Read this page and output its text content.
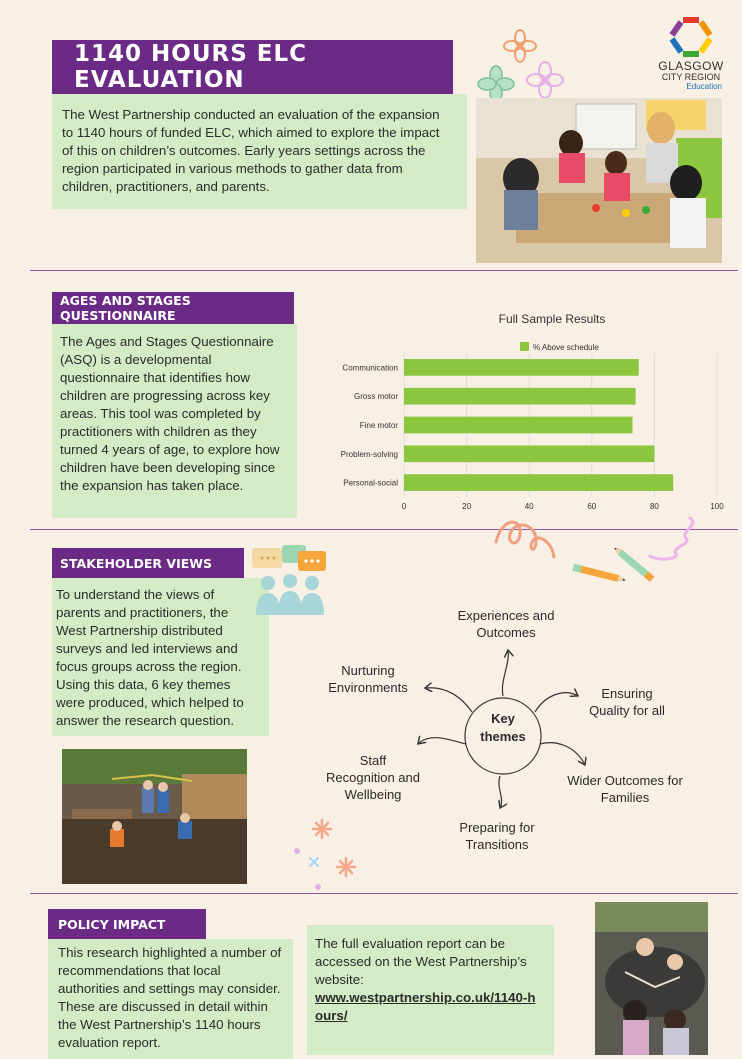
1140 HOURS ELC EVALUATION
The West Partnership conducted an evaluation of the expansion to 1140 hours of funded ELC, which aimed to explore the impact of this on children’s outcomes. Early years settings across the region participated in various methods to gather data from children, practitioners, and parents.
GLASGOW
CITY REGION
Education
AGES AND STAGES QUESTIONNAIRE
The Ages and Stages Questionnaire (ASQ) is a developmental questionnaire that identifies how children are progressing across key areas. This tool was completed by practitioners with children as they turned 4 years of age, to explore how children have been developing since the expansion has taken place.
Full Sample Results
% Above schedule
Communication
Gross motor
Fine motor
Problem-solving
Personal-social
0	20	40	60	80	100
STAKEHOLDER VIEWS
To understand the views of parents and practitioners, the West Partnership distributed surveys and led interviews and focus groups across the region. Using this data, 6 key themes were produced, which helped to answer the research question.	Key themes
Experiences and Outcomes
Nurturing Environments	Ensuring Quality for all
Staff Recognition and Wellbeing
Wider Outcomes for Families
Preparing for Transitions
POLICY IMPACT
This research highlighted a number of recommendations that local authorities and settings may consider. These are discussed in detail within the West Partnership’s 1140 hours evaluation report.
The full evaluation report can be accessed on the West Partnership’s website:
www.westpartnership.co.uk/1140-hours/
